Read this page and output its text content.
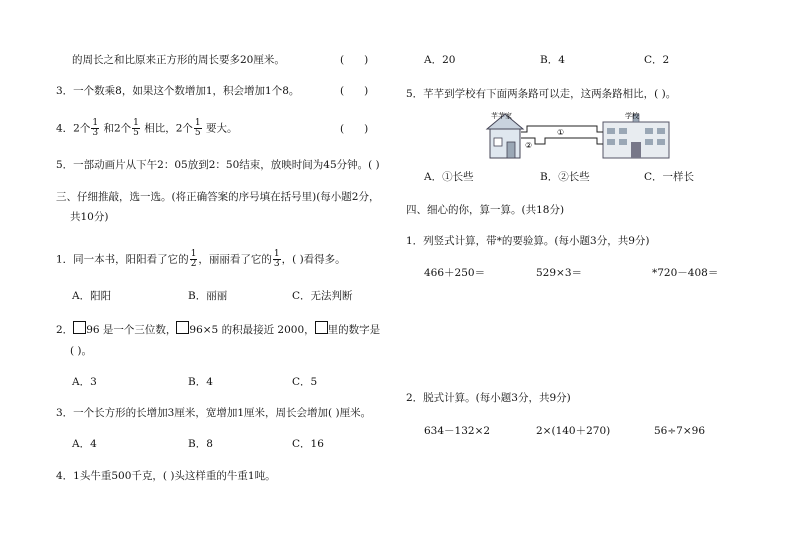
的周长之和比原来正方形的周长要多20厘米。	(      )
3．一个数乘8，如果这个数增加1，积会增加1个8。	(      )
4．2个 $\frac{1}{3}$ 和2个 $\frac{1}{5}$ 相比，2个 $\frac{1}{5}$ 要大。	(      )
5．一部动画片从下午2：05放到2：50结束，放映时间为45分钟。( )
三、仔细推敲，选一选。(将正确答案的序号填在括号里)(每小题2分，
共10分)
1．同一本书，阳阳看了它的 $\frac{1}{2}$ ，丽丽看了它的 $\frac{1}{3}$ ，( )看得多。
A．阳阳	B．丽丽	C．无法判断
2． 96 是一个三位数， 96×5 的积最接近 2000， 里的数字是
( )。
A．3	B．4	C．5
3．一个长方形的长增加3厘米，宽增加1厘米，周长会增加( )厘米。
A．4	B．8	C．16
4．1头牛重500千克，( )头这样重的牛重1吨。
A．20	B．4	C．2
5．芊芊到学校有下面两条路可以走，这两条路相比，( )。
芊芊家	学校
①
②
A．①长些	B．②长些	C．一样长
四、细心的你，算一算。(共18分)
1．列竖式计算，带*的要验算。(每小题3分，共9分)
466＋250＝	529×3＝	*720－408＝
2．脱式计算。(每小题3分，共9分)
634－132×2	2×(140＋270)	56÷7×96
